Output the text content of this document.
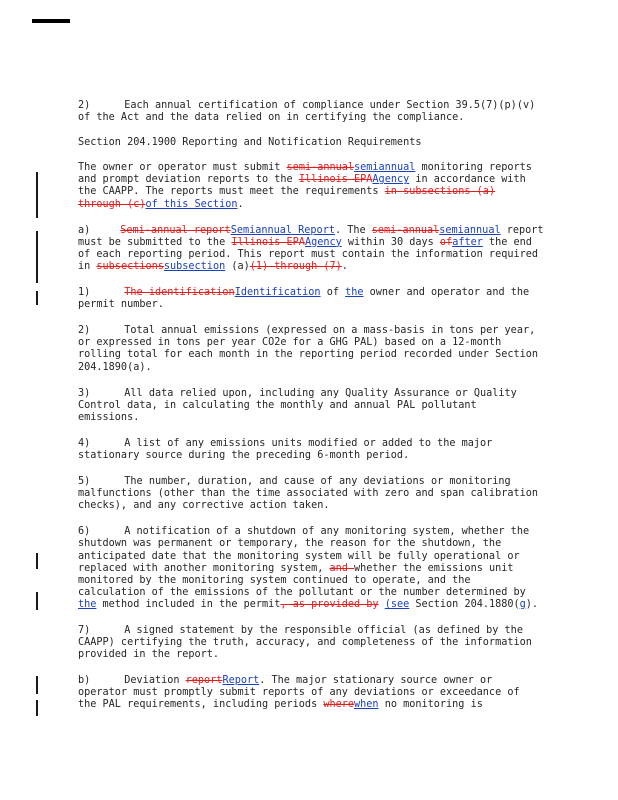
2)	Each annual certification of compliance under Section 39.5(7)(p)(v) of the Act and the data relied on in certifying the compliance.

Section 204.1900 Reporting and Notification Requirements

The owner or operator must submit semi-annualsemiannual monitoring reports and prompt deviation reports to the Illinois EPAAgency in accordance with the CAAPP. The reports must meet the requirements in subsections (a) through (c)of this Section.

a)	Semi-annual reportSemiannual Report. The semi-annualsemiannual report must be submitted to the Illinois EPAAgency within 30 days ofafter the end of each reporting period. This report must contain the information required in subsectionssubsection (a)(1) through (7).

1)	The identificationIdentification of the owner and operator and the permit number.

2)	Total annual emissions (expressed on a mass-basis in tons per year, or expressed in tons per year CO2e for a GHG PAL) based on a 12-month rolling total for each month in the reporting period recorded under Section 204.1890(a).

3)	All data relied upon, including any Quality Assurance or Quality Control data, in calculating the monthly and annual PAL pollutant emissions.

4)	A list of any emissions units modified or added to the major stationary source during the preceding 6-month period.

5)	The number, duration, and cause of any deviations or monitoring malfunctions (other than the time associated with zero and span calibration checks), and any corrective action taken.

6)	A notification of a shutdown of any monitoring system, whether the shutdown was permanent or temporary, the reason for the shutdown, the anticipated date that the monitoring system will be fully operational or replaced with another monitoring system, and whether the emissions unit monitored by the monitoring system continued to operate, and the calculation of the emissions of the pollutant or the number determined by the method included in the permit, as provided by (see Section 204.1880(g).

7)	A signed statement by the responsible official (as defined by the CAAPP) certifying the truth, accuracy, and completeness of the information provided in the report.

b)	Deviation reportReport. The major stationary source owner or operator must promptly submit reports of any deviations or exceedance of the PAL requirements, including periods wherewhen no monitoring is
